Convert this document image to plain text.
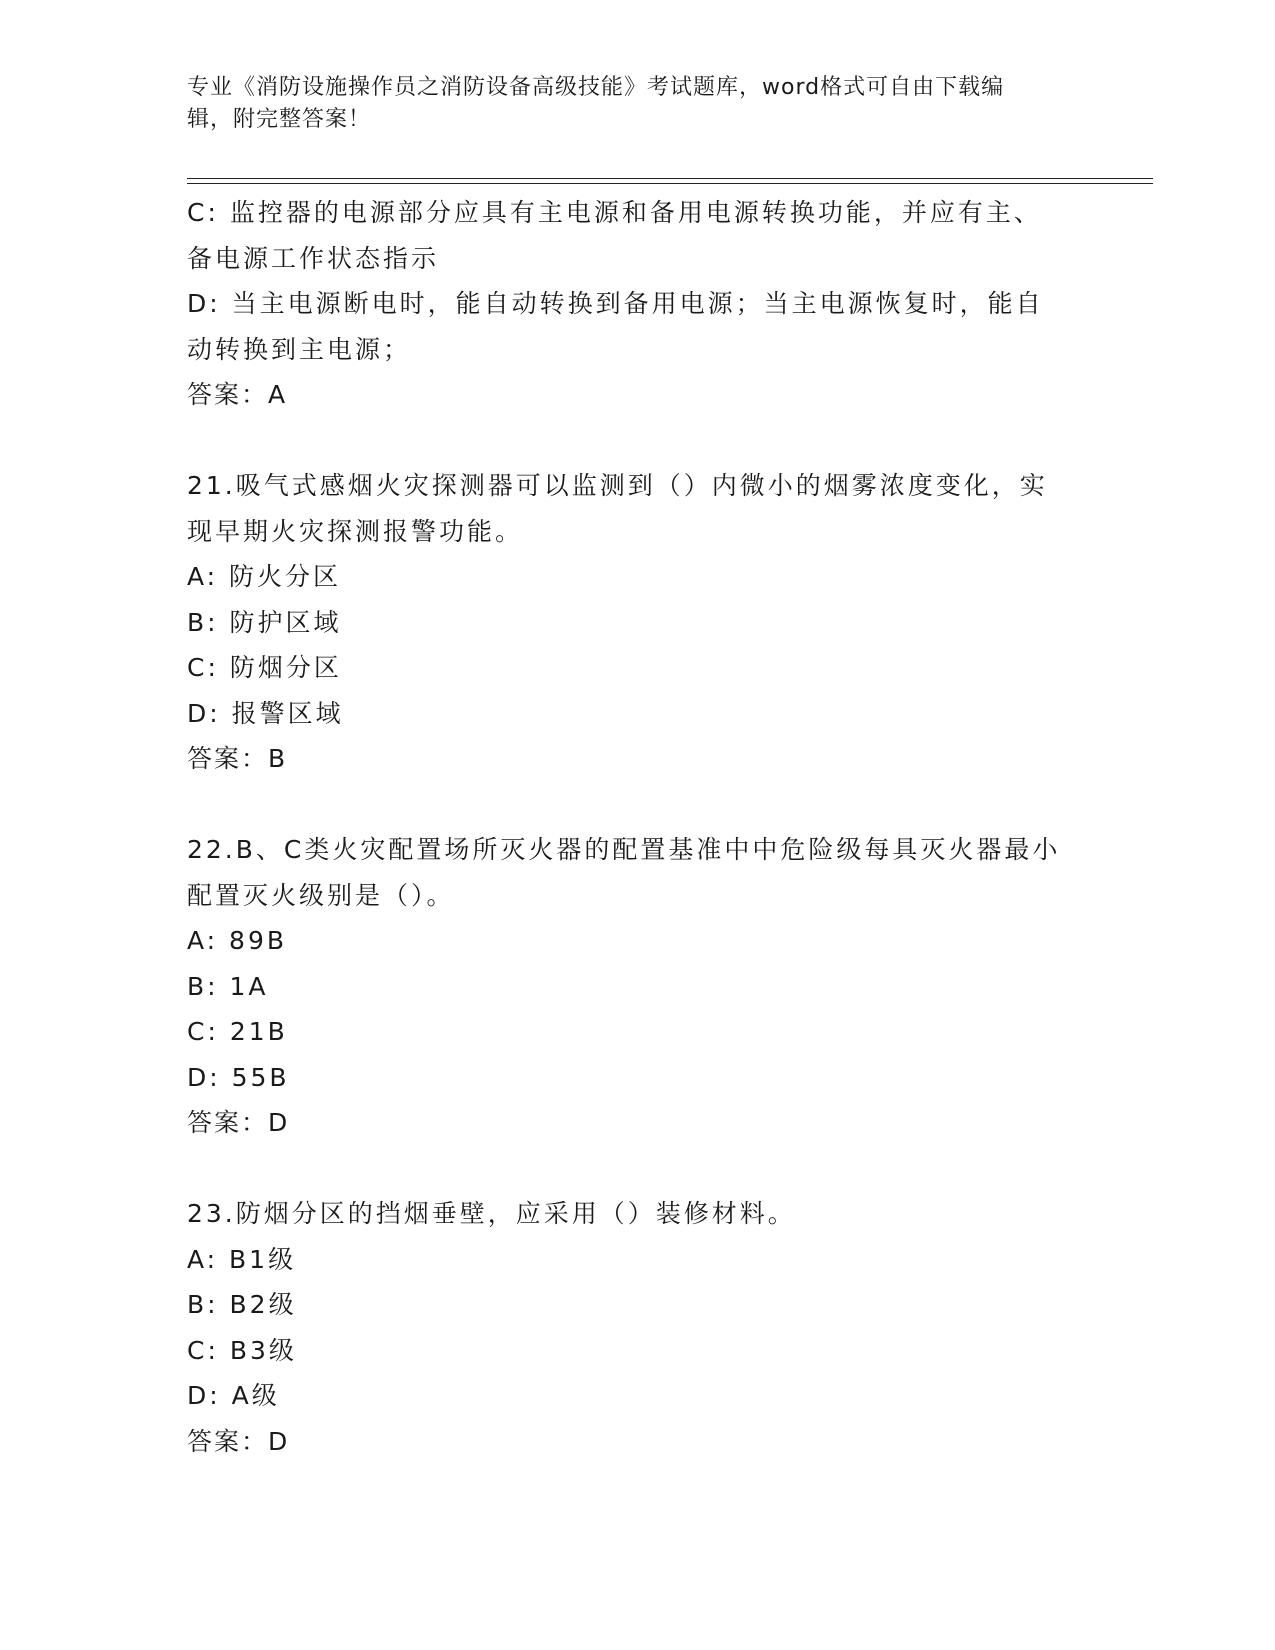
专业《消防设施操作员之消防设备高级技能》考试题库，word格式可自由下载编
辑，附完整答案！
C: 监控器的电源部分应具有主电源和备用电源转换功能，并应有主、
备电源工作状态指示
D: 当主电源断电时，能自动转换到备用电源；当主电源恢复时，能自
动转换到主电源；
答案：A
21.吸气式感烟火灾探测器可以监测到（）内微小的烟雾浓度变化，实
现早期火灾探测报警功能。
A: 防火分区
B: 防护区域
C: 防烟分区
D: 报警区域
答案：B
22.B、C类火灾配置场所灭火器的配置基准中中危险级每具灭火器最小
配置灭火级别是（）。
A: 89B
B: 1A
C: 21B
D: 55B
答案：D
23.防烟分区的挡烟垂壁，应采用（）装修材料。
A: B1级
B: B2级
C: B3级
D: A级
答案：D
